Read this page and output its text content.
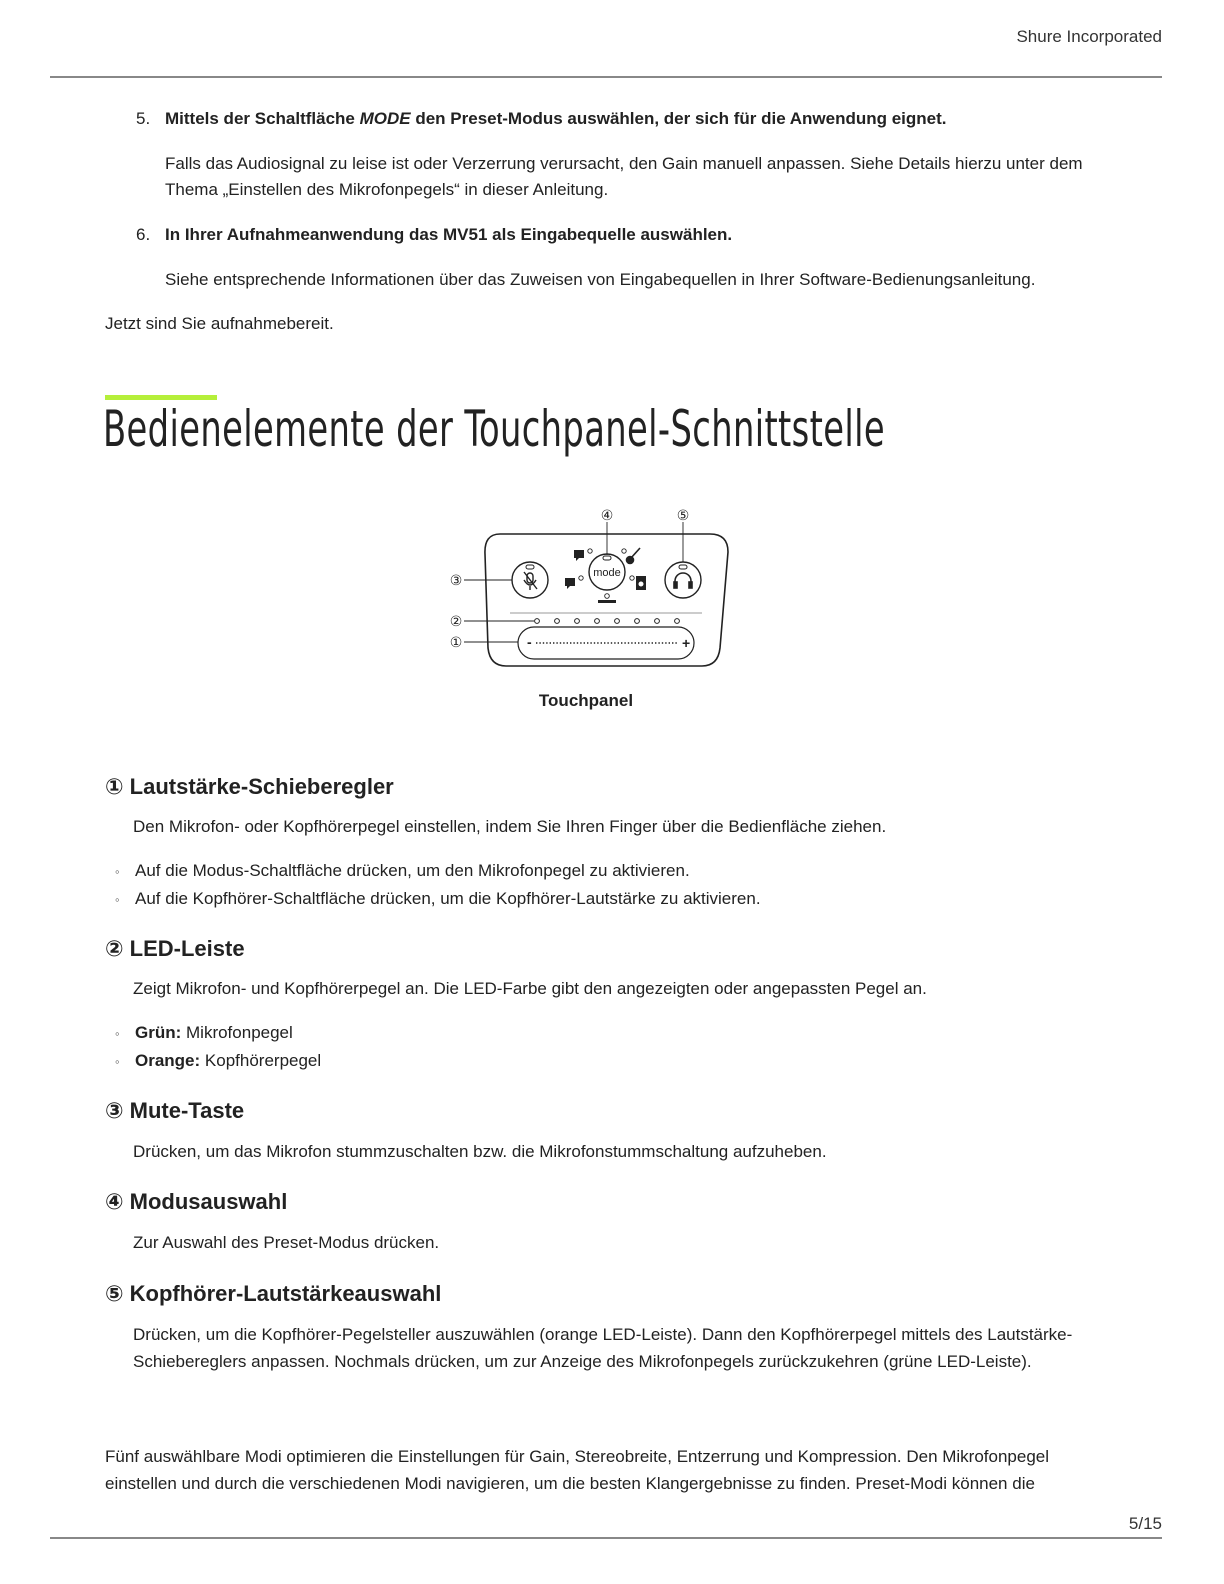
Shure Incorporated
5. Mittels der Schaltfläche MODE den Preset-Modus auswählen, der sich für die Anwendung eignet.
Falls das Audiosignal zu leise ist oder Verzerrung verursacht, den Gain manuell anpassen. Siehe Details hierzu unter dem Thema „Einstellen des Mikrofonpegels“ in dieser Anleitung.
6. In Ihrer Aufnahmeanwendung das MV51 als Eingabequelle auswählen.
Siehe entsprechende Informationen über das Zuweisen von Eingabequellen in Ihrer Software-Bedienungsanleitung.
Jetzt sind Sie aufnahmebereit.
Bedienelemente der Touchpanel-Schnittstelle
mode
-	+
①
②
③
④	⑤
Touchpanel
① Lautstärke-Schieberegler
Den Mikrofon- oder Kopfhörerpegel einstellen, indem Sie Ihren Finger über die Bedienfläche ziehen.
◦ Auf die Modus-Schaltfläche drücken, um den Mikrofonpegel zu aktivieren.
◦ Auf die Kopfhörer-Schaltfläche drücken, um die Kopfhörer-Lautstärke zu aktivieren.
② LED-Leiste
Zeigt Mikrofon- und Kopfhörerpegel an. Die LED-Farbe gibt den angezeigten oder angepassten Pegel an.
◦ Grün: Mikrofonpegel
◦ Orange: Kopfhörerpegel
③ Mute-Taste
Drücken, um das Mikrofon stummzuschalten bzw. die Mikrofonstummschaltung aufzuheben.
④ Modusauswahl
Zur Auswahl des Preset-Modus drücken.
⑤ Kopfhörer-Lautstärkeauswahl
Drücken, um die Kopfhörer-Pegelsteller auszuwählen (orange LED-Leiste). Dann den Kopfhörerpegel mittels des Lautstärke-Schiebereglers anpassen. Nochmals drücken, um zur Anzeige des Mikrofonpegels zurückzukehren (grüne LED-Leiste).
Fünf auswählbare Modi optimieren die Einstellungen für Gain, Stereobreite, Entzerrung und Kompression. Den Mikrofonpegel einstellen und durch die verschiedenen Modi navigieren, um die besten Klangergebnisse zu finden. Preset-Modi können die
5/15
